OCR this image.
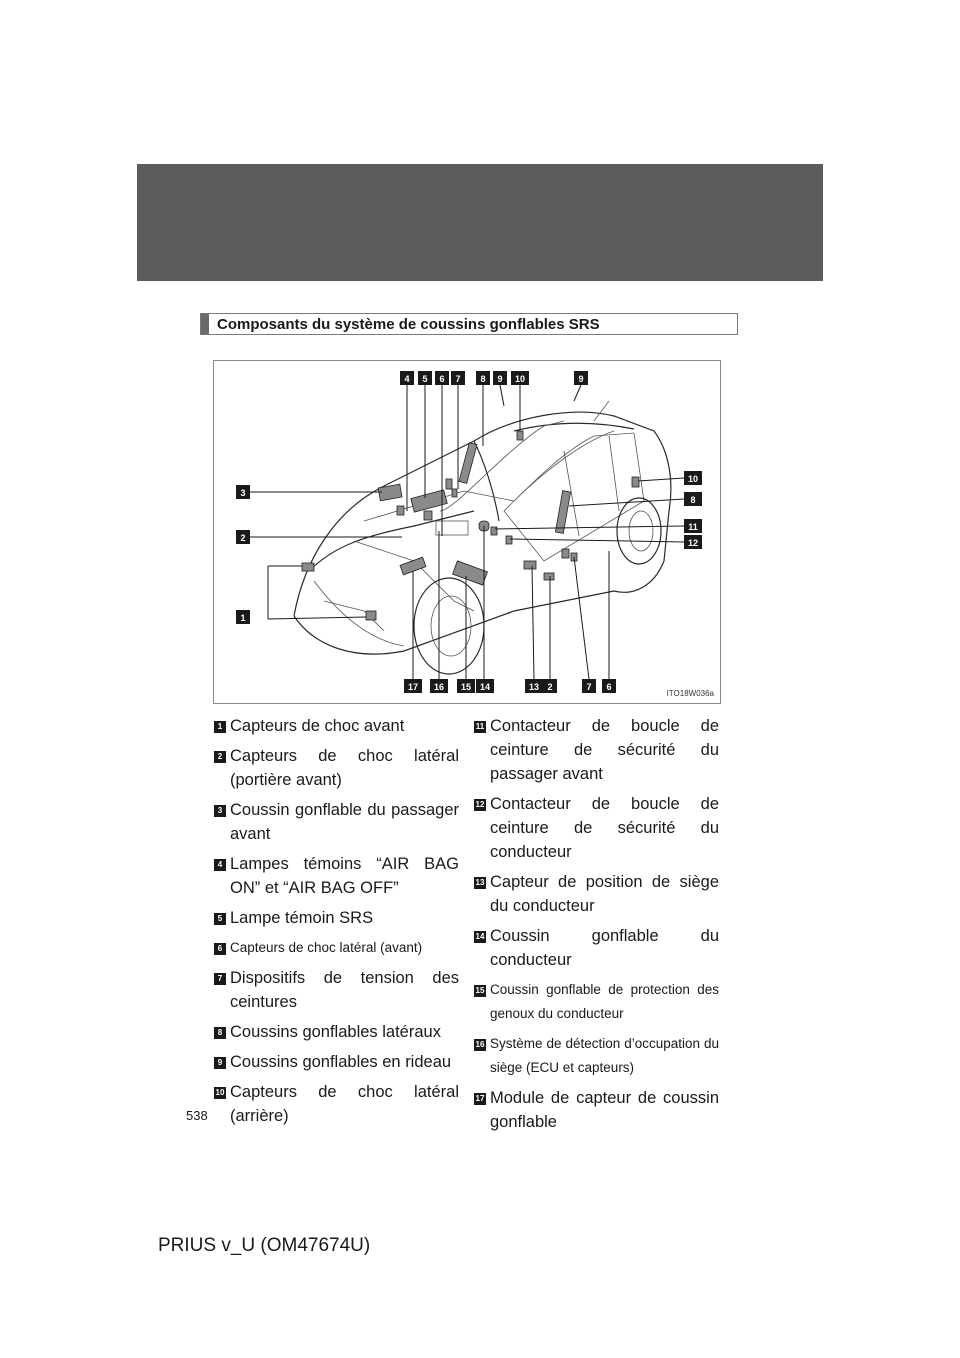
Composants du système de coussins gonflables SRS
4 5 6 7 8 9 10	9
3
2
1
10
8
11
12
17 16 15 14	13 2	7 6
ITO18W036a
1 Capteurs de choc avant
2 Capteurs de choc latéral (portière avant)
3 Coussin gonflable du passager avant
4 Lampes témoins “AIR BAG ON” et “AIR BAG OFF”
5 Lampe témoin SRS
6 Capteurs de choc latéral (avant)
7 Dispositifs de tension des ceintures
8 Coussins gonflables latéraux
9 Coussins gonflables en rideau
10 Capteurs de choc latéral (arrière)
11 Contacteur de boucle de ceinture de sécurité du passager avant
12 Contacteur de boucle de ceinture de sécurité du conducteur
13 Capteur de position de siège du conducteur
14 Coussin gonflable du conducteur
15 Coussin gonflable de protection des genoux du conducteur
16 Système de détection d’occupation du siège (ECU et capteurs)
17 Module de capteur de coussin gonflable
538
PRIUS v_U (OM47674U)
